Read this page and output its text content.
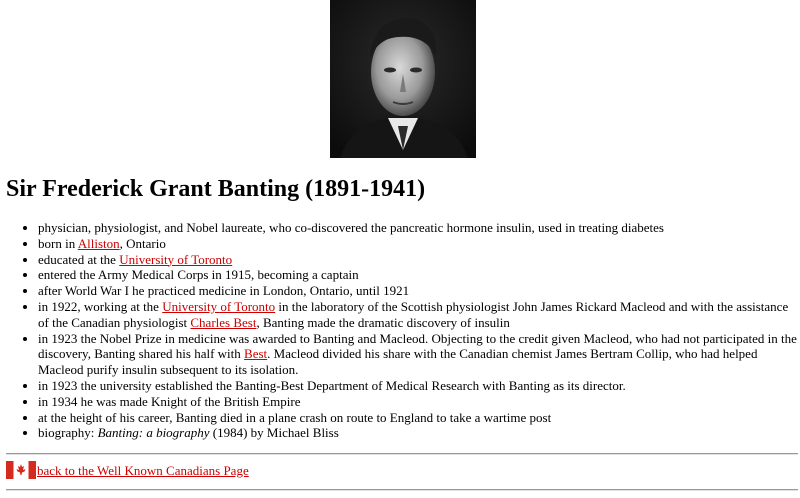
Sir Frederick Grant Banting (1891-1941)
• physician, physiologist, and Nobel laureate, who co-discovered the pancreatic hormone insulin, used in treating diabetes
• born in Alliston, Ontario
• educated at the University of Toronto
• entered the Army Medical Corps in 1915, becoming a captain
• after World War I he practiced medicine in London, Ontario, until 1921
• in 1922, working at the University of Toronto in the laboratory of the Scottish physiologist John James Rickard Macleod and with the assistance of the Canadian physiologist Charles Best, Banting made the dramatic discovery of insulin
• in 1923 the Nobel Prize in medicine was awarded to Banting and Macleod. Objecting to the credit given Macleod, who had not participated in the discovery, Banting shared his half with Best. Macleod divided his share with the Canadian chemist James Bertram Collip, who had helped Macleod purify insulin subsequent to its isolation.
• in 1923 the university established the Banting-Best Department of Medical Research with Banting as its director.
• in 1934 he was made Knight of the British Empire
• at the height of his career, Banting died in a plane crash on route to England to take a wartime post
• biography: Banting: a biography (1984) by Michael Bliss
back to the Well Known Canadians Page
